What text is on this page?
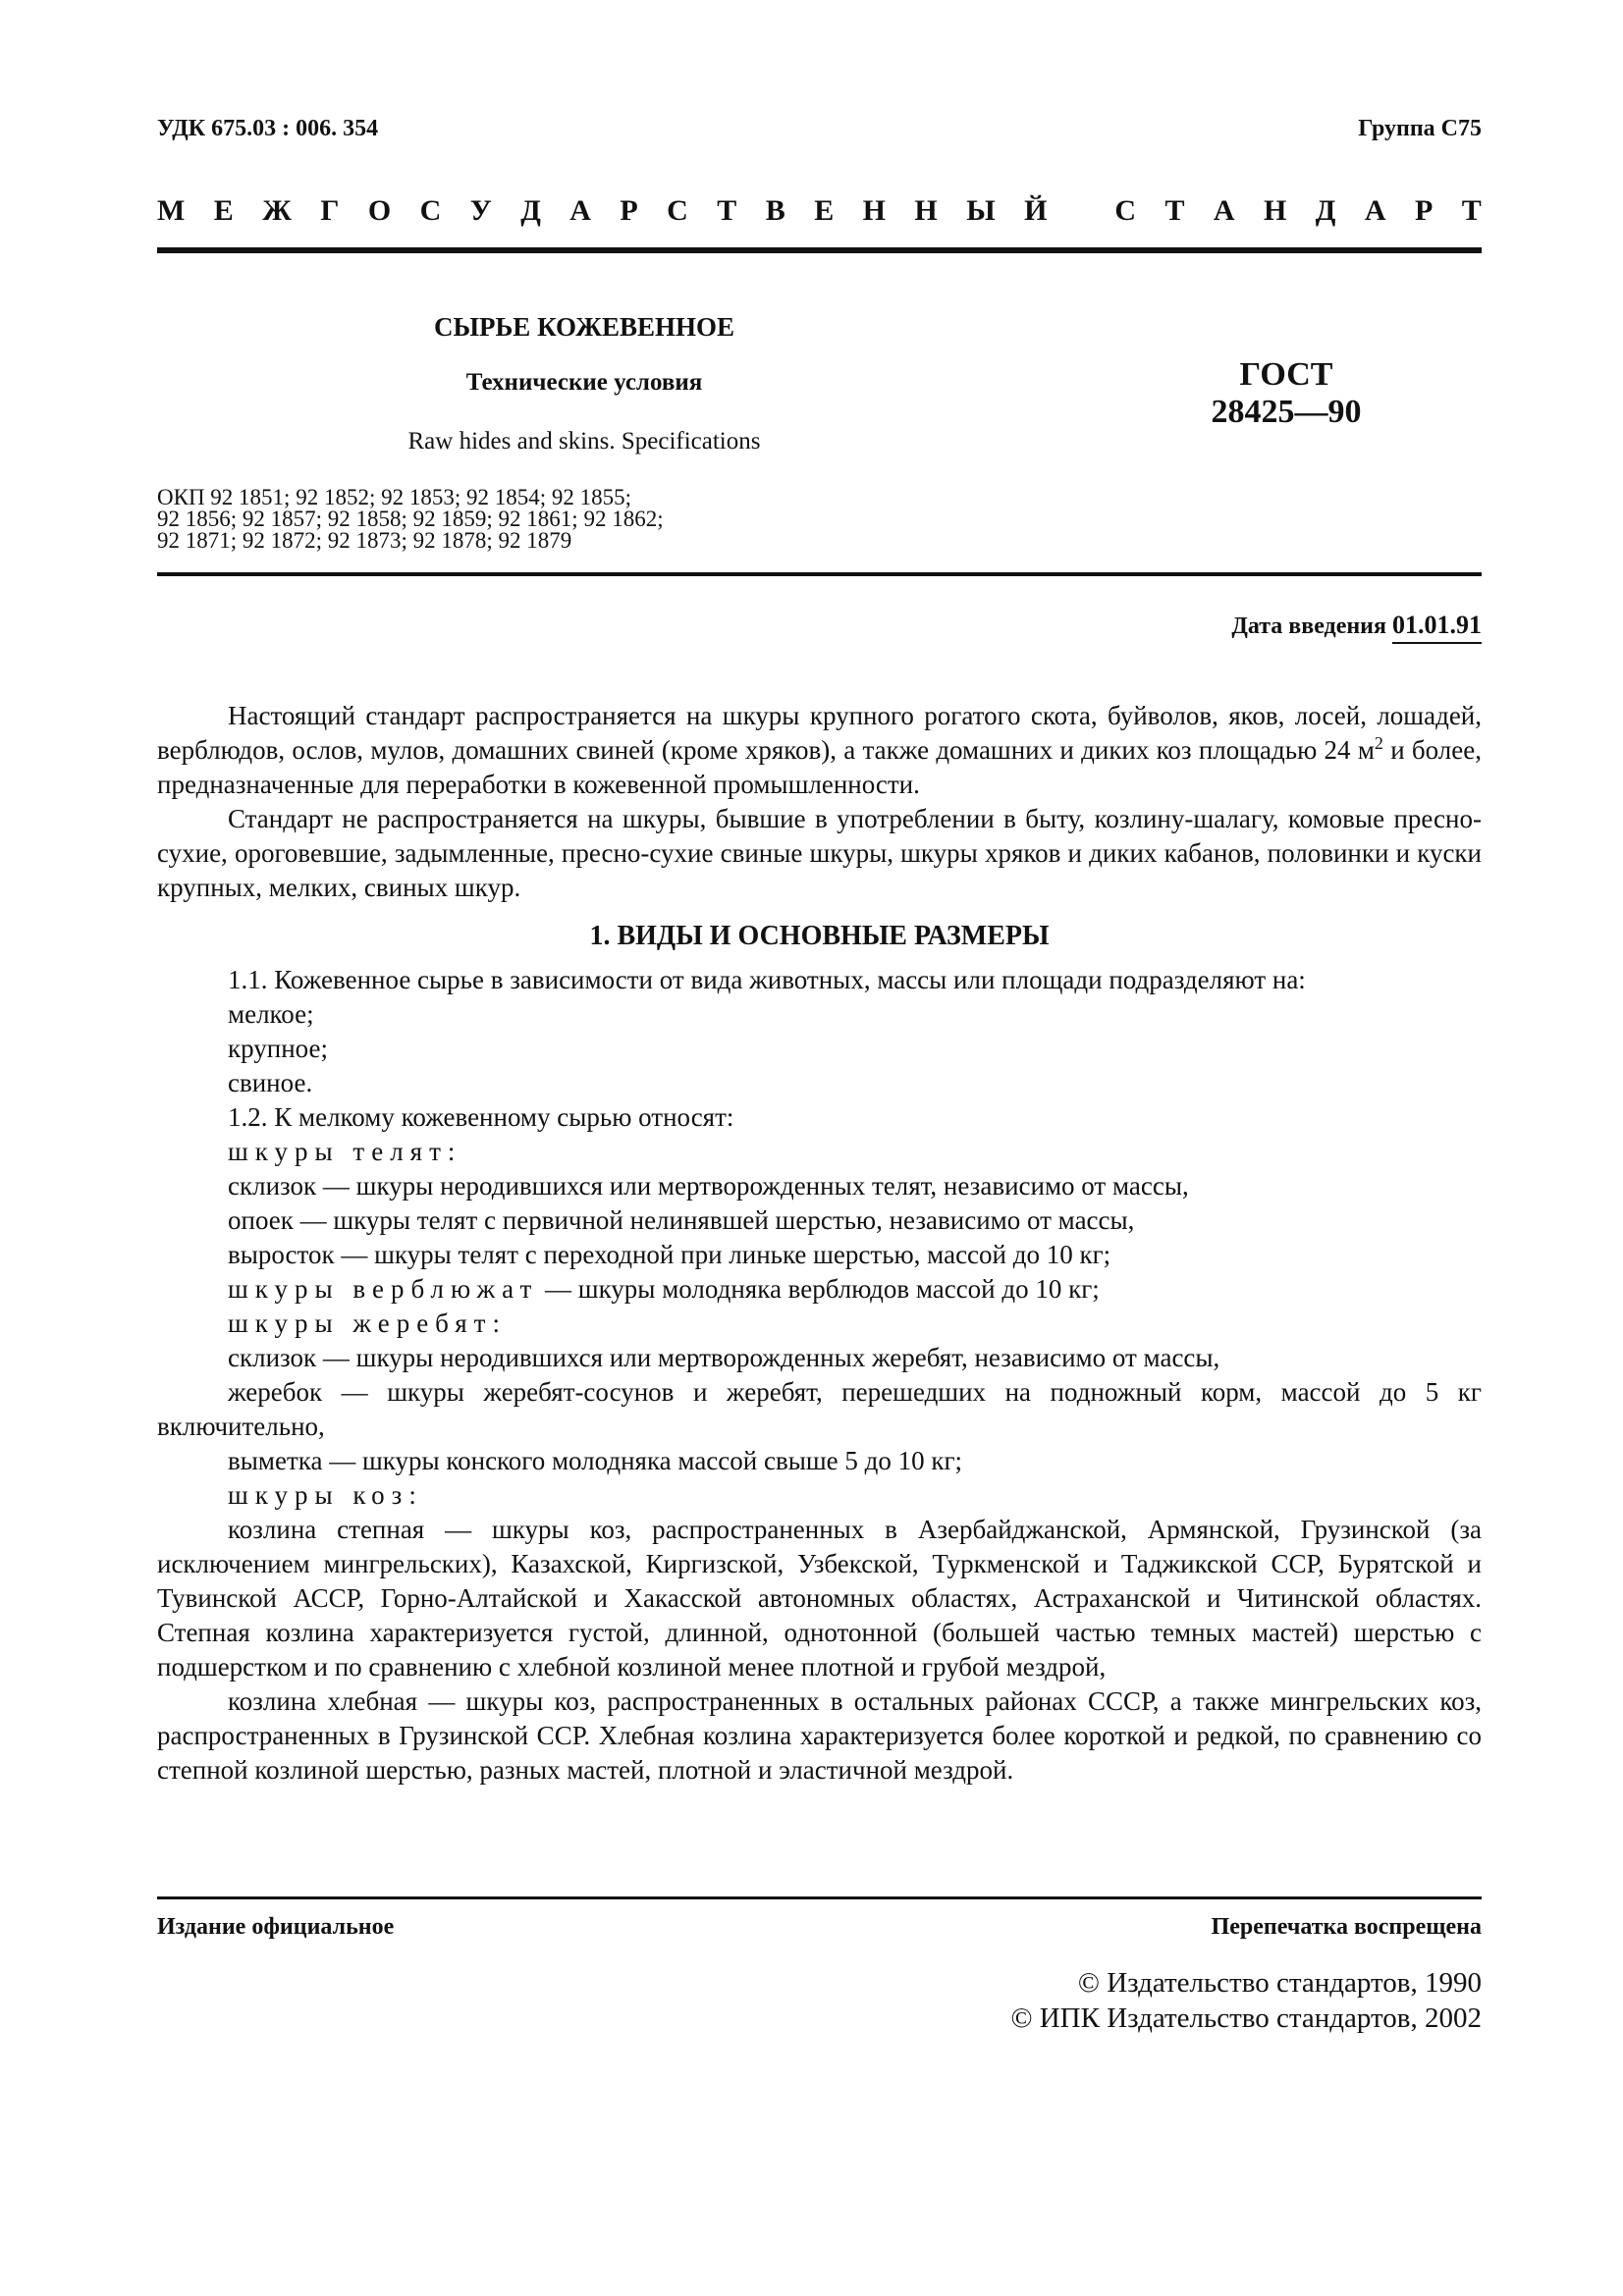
УДК 675.03 : 006. 354	Группа С75
М Е Ж Г О С У Д А Р С Т В Е Н Н Ы Й С Т А Н Д А Р Т
СЫРЬЕ КОЖЕВЕННОЕ
Технические условия
Raw hides and skins. Specifications
ГОСТ
28425—90
ОКП 92 1851; 92 1852; 92 1853; 92 1854; 92 1855;
92 1856; 92 1857; 92 1858; 92 1859; 92 1861; 92 1862;
92 1871; 92 1872; 92 1873; 92 1878; 92 1879
Дата введения 01.01.91

Настоящий стандарт распространяется на шкуры крупного рогатого скота, буйволов, яков, лосей, лошадей, верблюдов, ослов, мулов, домашних свиней (кроме хряков), а также домашних и диких коз площадью 24 $м^2$ и более, предназначенные для переработки в кожевенной промышленности.

Стандарт не распространяется на шкуры, бывшие в употреблении в быту, козлину-шалагу, комовые пресно-сухие, ороговевшие, задымленные, пресно-сухие свиные шкуры, шкуры хряков и диких кабанов, половинки и куски крупных, мелких, свиных шкур.

1. ВИДЫ И ОСНОВНЫЕ РАЗМЕРЫ

1.1. Кожевенное сырье в зависимости от вида животных, массы или площади подразделяют на:

мелкое;

крупное;

свиное.

1.2. К мелкому кожевенному сырью относят:

шкуры телят:

склизок — шкуры неродившихся или мертворожденных телят, независимо от массы,

опоек — шкуры телят с первичной нелинявшей шерстью, независимо от массы,

выросток — шкуры телят с переходной при линьке шерстью, массой до 10 кг;

шкуры верблюжат — шкуры молодняка верблюдов массой до 10 кг;

шкуры жеребят:

склизок — шкуры неродившихся или мертворожденных жеребят, независимо от массы,

жеребок — шкуры жеребят-сосунов и жеребят, перешедших на подножный корм, массой до 5 кг включительно,

выметка — шкуры конского молодняка массой свыше 5 до 10 кг;

шкуры коз:

козлина степная — шкуры коз, распространенных в Азербайджанской, Армянской, Грузинской (за исключением мингрельских), Казахской, Киргизской, Узбекской, Туркменской и Таджикской ССР, Бурятской и Тувинской АССР, Горно-Алтайской и Хакасской автономных областях, Астраханской и Читинской областях. Степная козлина характеризуется густой, длинной, однотонной (большей частью темных мастей) шерстью с подшерстком и по сравнению с хлебной козлиной менее плотной и грубой мездрой,

козлина хлебная — шкуры коз, распространенных в остальных районах СССР, а также мингрельских коз, распространенных в Грузинской ССР. Хлебная козлина характеризуется более короткой и редкой, по сравнению со степной козлиной шерстью, разных мастей, плотной и эластичной мездрой.

Издание официальное	Перепечатка воспрещена
© Издательство стандартов, 1990
© ИПК Издательство стандартов, 2002
